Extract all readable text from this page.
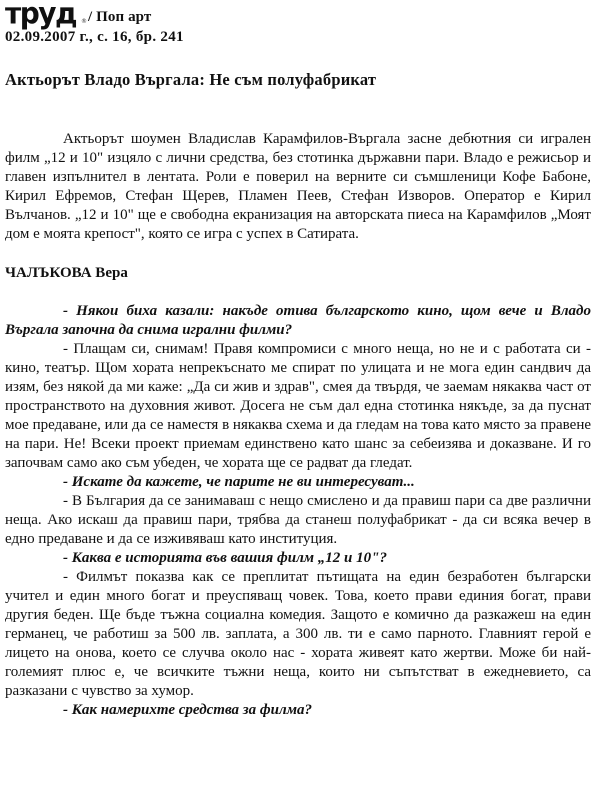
труд ® / Поп арт
02.09.2007 г., с. 16, бр. 241
Актьорът Владо Въргала: Не съм полуфабрикат

Актьорът шоумен Владислав Карамфилов-Въргала засне дебютния си игрален филм „12 и 10" изцяло с лични средства, без стотинка държавни пари. Владо е режисьор и главен изпълнител в лентата. Роли е поверил на верните си съмшленици Кофе Бабоне, Кирил Ефремов, Стефан Щерев, Пламен Пеев, Стефан Изворов. Оператор е Кирил Вълчанов. „12 и 10" ще е свободна екранизация на авторската пиеса на Карамфилов „Моят дом е моята крепост", която се игра с успех в Сатирата.

ЧАЛЪКОВА Вера

- Някои биха казали: накъде отива българското кино, щом вече и Владо Въргала започна да снима игрални филми?

- Плащам си, снимам! Правя компромиси с много неща, но не и с работата си - кино, театър. Щом хората непрекъснато ме спират по улицата и не мога един сандвич да изям, без някой да ми каже: „Да си жив и здрав", смея да твърдя, че заемам някаква част от пространството на духовния живот. Досега не съм дал една стотинка някъде, за да пуснат мое предаване, или да се наместя в някаква схема и да гледам на това като място за правене на пари. Не! Всеки проект приемам единствено като шанс за себеизява и доказване. И го започвам само ако съм убеден, че хората ще се радват да гледат.

- Искате да кажете, че парите не ви интересуват...

- В България да се занимаваш с нещо смислено и да правиш пари са две различни неща. Ако искаш да правиш пари, трябва да станеш полуфабрикат - да си всяка вечер в едно предаване и да се изживяваш като институция.

- Каква е историята във вашия филм „12 и 10"?

- Филмът показва как се преплитат пътищата на един безработен български учител и един много богат и преуспяващ човек. Това, което прави единия богат, прави другия беден. Ще бъде тъжна социална комедия. Защото е комично да разкажеш на един германец, че работиш за 500 лв. заплата, а 300 лв. ти е само парното. Главният герой е лицето на онова, което се случва около нас - хората живеят като жертви. Може би най-големият плюс е, че всичките тъжни неща, които ни съпътстват в ежедневието, са разказани с чувство за хумор.

- Как намерихте средства за филма?
